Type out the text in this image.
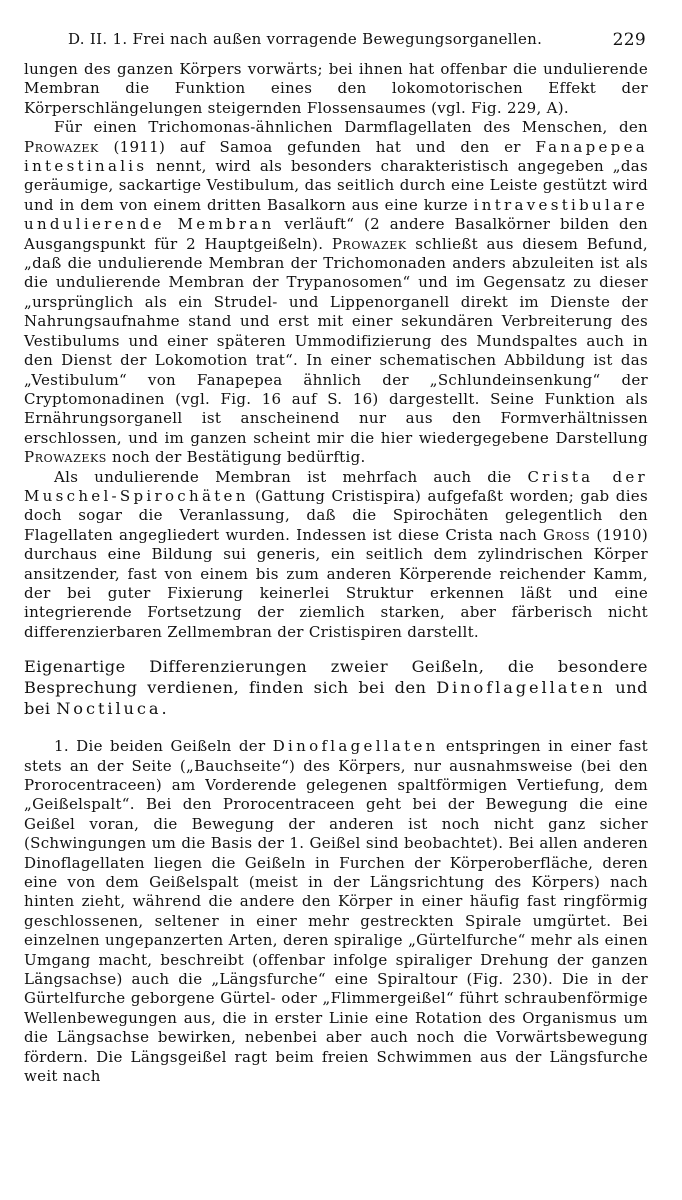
D. II. 1. Frei nach außen vorragende Bewegungsorganellen.	229

lungen des ganzen Körpers vorwärts; bei ihnen hat offenbar die undulierende Membran die Funktion eines den lokomotorischen Effekt der Körperschlängelungen steigernden Flossensaumes (vgl. Fig. 229, A).

Für einen Trichomonas-ähnlichen Darmflagellaten des Menschen, den Prowazek (1911) auf Samoa gefunden hat und den er Fanapepea intestinalis nennt, wird als besonders charakteristisch angegeben „das geräumige, sackartige Vestibulum, das seitlich durch eine Leiste gestützt wird und in dem von einem dritten Basalkorn aus eine kurze intravestibulare undulierende Membran verläuft“ (2 andere Basalkörner bilden den Ausgangspunkt für 2 Hauptgeißeln). Prowazek schließt aus diesem Befund, „daß die undulierende Membran der Trichomonaden anders abzuleiten ist als die undulierende Membran der Trypanosomen“ und im Gegensatz zu dieser „ursprünglich als ein Strudel- und Lippenorganell direkt im Dienste der Nahrungsaufnahme stand und erst mit einer sekundären Verbreiterung des Vestibulums und einer späteren Ummodifizierung des Mundspaltes auch in den Dienst der Lokomotion trat“. In einer schematischen Abbildung ist das „Vestibulum“ von Fanapepea ähnlich der „Schlundeinsenkung“ der Cryptomonadinen (vgl. Fig. 16 auf S. 16) dargestellt. Seine Funktion als Ernährungsorganell ist anscheinend nur aus den Formverhältnissen erschlossen, und im ganzen scheint mir die hier wiedergegebene Darstellung Prowazeks noch der Bestätigung bedürftig.

Als undulierende Membran ist mehrfach auch die Crista der Muschel-Spirochäten (Gattung Cristispira) aufgefaßt worden; gab dies doch sogar die Veranlassung, daß die Spirochäten gelegentlich den Flagellaten angegliedert wurden. Indessen ist diese Crista nach Gross (1910) durchaus eine Bildung sui generis, ein seitlich dem zylindrischen Körper ansitzender, fast von einem bis zum anderen Körperende reichender Kamm, der bei guter Fixierung keinerlei Struktur erkennen läßt und eine integrierende Fortsetzung der ziemlich starken, aber färberisch nicht differenzierbaren Zellmembran der Cristispiren darstellt.

Eigenartige Differenzierungen zweier Geißeln, die besondere Besprechung verdienen, finden sich bei den Dinoflagellaten und bei Noctiluca.

1. Die beiden Geißeln der Dinoflagellaten entspringen in einer fast stets an der Seite („Bauchseite“) des Körpers, nur ausnahmsweise (bei den Prorocentraceen) am Vorderende gelegenen spaltförmigen Vertiefung, dem „Geißelspalt“. Bei den Prorocentraceen geht bei der Bewegung die eine Geißel voran, die Bewegung der anderen ist noch nicht ganz sicher (Schwingungen um die Basis der 1. Geißel sind beobachtet). Bei allen anderen Dinoflagellaten liegen die Geißeln in Furchen der Körperoberfläche, deren eine von dem Geißelspalt (meist in der Längsrichtung des Körpers) nach hinten zieht, während die andere den Körper in einer häufig fast ringförmig geschlossenen, seltener in einer mehr gestreckten Spirale umgürtet. Bei einzelnen ungepanzerten Arten, deren spiralige „Gürtelfurche“ mehr als einen Umgang macht, beschreibt (offenbar infolge spiraliger Drehung der ganzen Längsachse) auch die „Längsfurche“ eine Spiraltour (Fig. 230). Die in der Gürtelfurche geborgene Gürtel- oder „Flimmergeißel“ führt schraubenförmige Wellenbewegungen aus, die in erster Linie eine Rotation des Organismus um die Längsachse bewirken, nebenbei aber auch noch die Vorwärtsbewegung fördern. Die Längsgeißel ragt beim freien Schwimmen aus der Längsfurche weit nach
